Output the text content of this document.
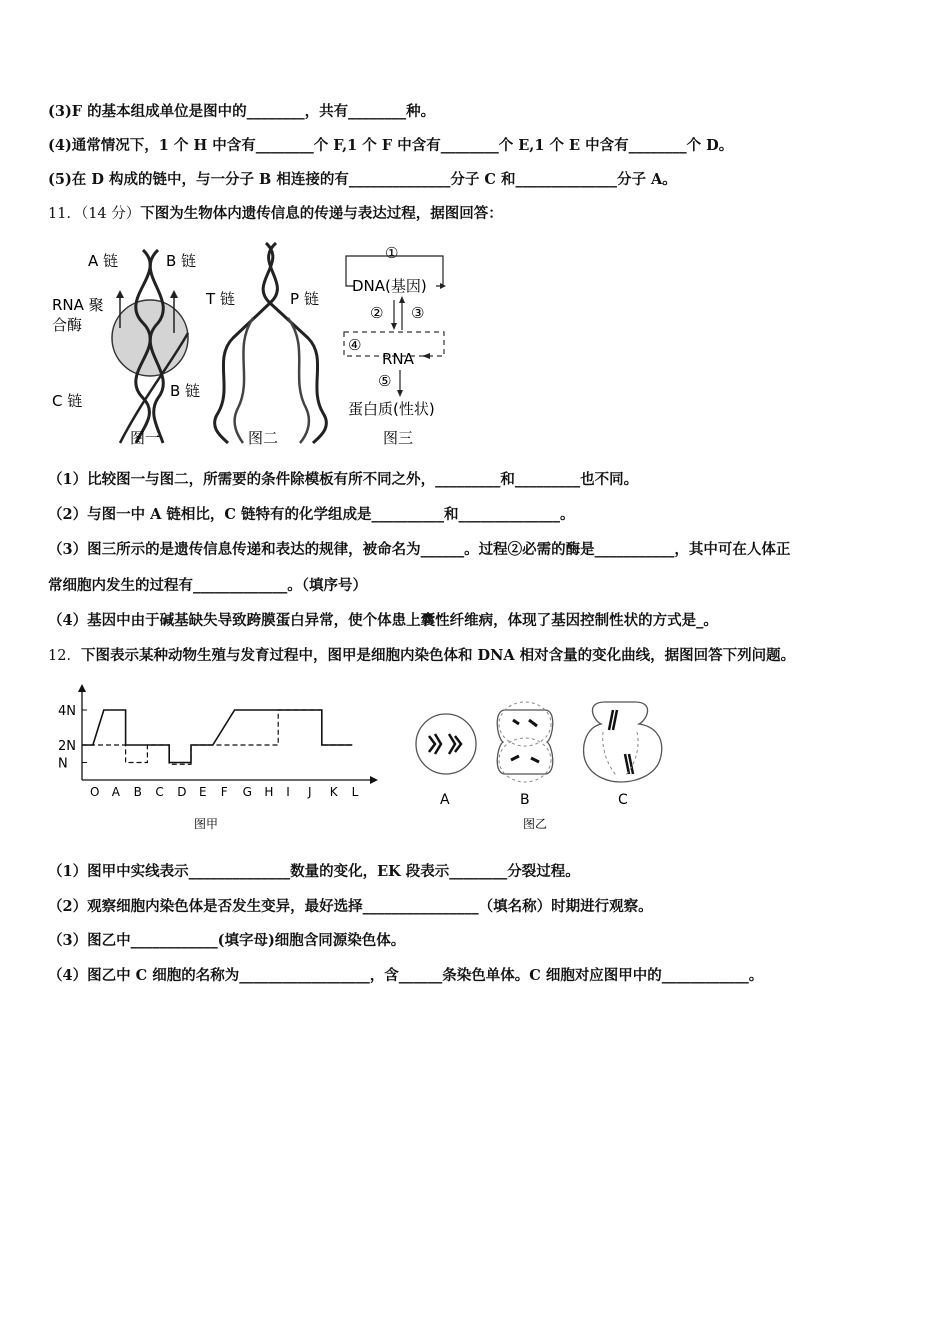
(3)F 的基本组成单位是图中的________，共有________种。
(4)通常情况下，1 个 H 中含有________个 F,1 个 F 中含有________个 E,1 个 E 中含有________个 D。
(5)在 D 构成的链中，与一分子 B 相连接的有______________分子 C 和______________分子 A。
11．（14 分）下图为生物体内遗传信息的传递与表达过程，据图回答：
A 链	B 链
RNA 聚
合酶
C 链
B 链
图一
T 链	P 链
图二
①
DNA(基因)
② ③
④
RNA
⑤
蛋白质(性状)
图三
（1）比较图一与图二，所需要的条件除模板有所不同之外，_________和_________也不同。
（2）与图一中 A 链相比，C 链特有的化学组成是__________和______________。
（3）图三所示的是遗传信息传递和表达的规律，被命名为______。过程②必需的酶是___________，其中可在人体正
常细胞内发生的过程有_____________。（填序号）
（4）基因中由于碱基缺失导致跨膜蛋白异常，使个体患上囊性纤维病，体现了基因控制性状的方式是_。
12．下图表示某种动物生殖与发育过程中，图甲是细胞内染色体和 DNA 相对含量的变化曲线，据图回答下列问题。
4N
2N
N
O A B C D E F G H I J K L
图甲
A	B	C
图乙
（1）图甲中实线表示______________数量的变化，EK 段表示________分裂过程。
（2）观察细胞内染色体是否发生变异，最好选择________________（填名称）时期进行观察。
（3）图乙中____________(填字母)细胞含同源染色体。
（4）图乙中 C 细胞的名称为__________________，含______条染色单体。C 细胞对应图甲中的____________。
